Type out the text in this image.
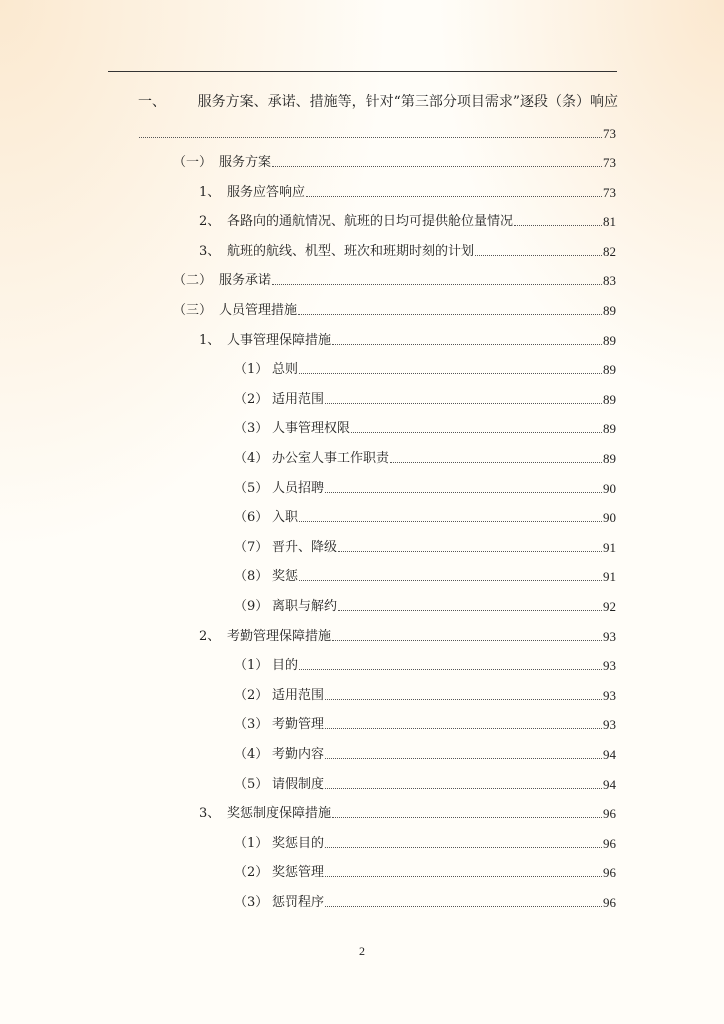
一、	服务方案、承诺、措施等，针对“第三部分项目需求”逐段（条）响应
73
（一） 服务方案	73
1、 服务应答响应	73
2、 各路向的通航情况、航班的日均可提供舱位量情况	81
3、 航班的航线、机型、班次和班期时刻的计划	82
（二） 服务承诺	83
（三） 人员管理措施	89
1、 人事管理保障措施	89
（1） 总则	89
（2） 适用范围	89
（3） 人事管理权限	89
（4） 办公室人事工作职责	89
（5） 人员招聘	90
（6） 入职	90
（7） 晋升、降级	91
（8） 奖惩	91
（9） 离职与解约	92
2、 考勤管理保障措施	93
（1） 目的	93
（2） 适用范围	93
（3） 考勤管理	93
（4） 考勤内容	94
（5） 请假制度	94
3、 奖惩制度保障措施	96
（1） 奖惩目的	96
（2） 奖惩管理	96
（3） 惩罚程序	96
2
